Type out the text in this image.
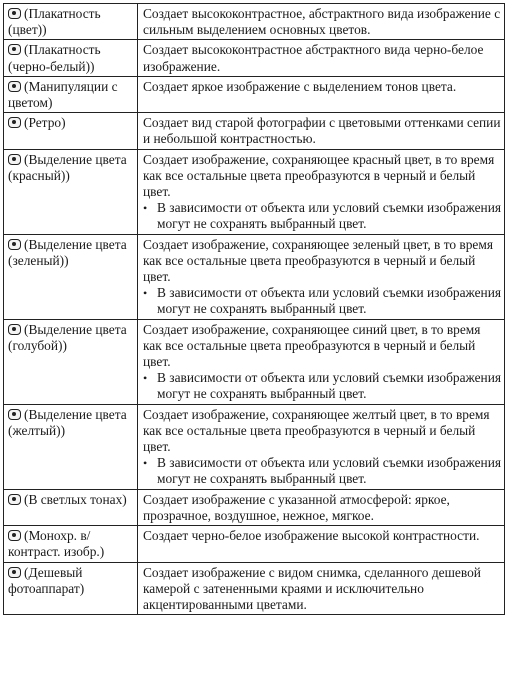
(Плакатность (цвет))	Создает высококонтрастное, абстрактного вида изображение с сильным выделением основных цветов.

(Плакатность (черно-белый))	Создает высококонтрастное абстрактного вида черно-белое изображение.

(Манипуляции с цветом)	Создает яркое изображение с выделением тонов цвета.

(Ретро)	Создает вид старой фотографии с цветовыми оттенками сепии и небольшой контрастностью.

(Выделение цвета (красный))	Создает изображение, сохраняющее красный цвет, в то время как все остальные цвета преобразуются в черный и белый цвет.
• В зависимости от объекта или условий съемки изображения могут не сохранять выбранный цвет.

(Выделение цвета (зеленый))	Создает изображение, сохраняющее зеленый цвет, в то время как все остальные цвета преобразуются в черный и белый цвет.
• В зависимости от объекта или условий съемки изображения могут не сохранять выбранный цвет.

(Выделение цвета (голубой))	Создает изображение, сохраняющее синий цвет, в то время как все остальные цвета преобразуются в черный и белый цвет.
• В зависимости от объекта или условий съемки изображения могут не сохранять выбранный цвет.

(Выделение цвета (желтый))	Создает изображение, сохраняющее желтый цвет, в то время как все остальные цвета преобразуются в черный и белый цвет.
• В зависимости от объекта или условий съемки изображения могут не сохранять выбранный цвет.

(В светлых тонах)	Создает изображение с указанной атмосферой: яркое, прозрачное, воздушное, нежное, мягкое.

(Монохр. в/контраст. изобр.)	Создает черно-белое изображение высокой контрастности.

(Дешевый фотоаппарат)	Создает изображение с видом снимка, сделанного дешевой камерой с затененными краями и исключительно акцентированными цветами.
